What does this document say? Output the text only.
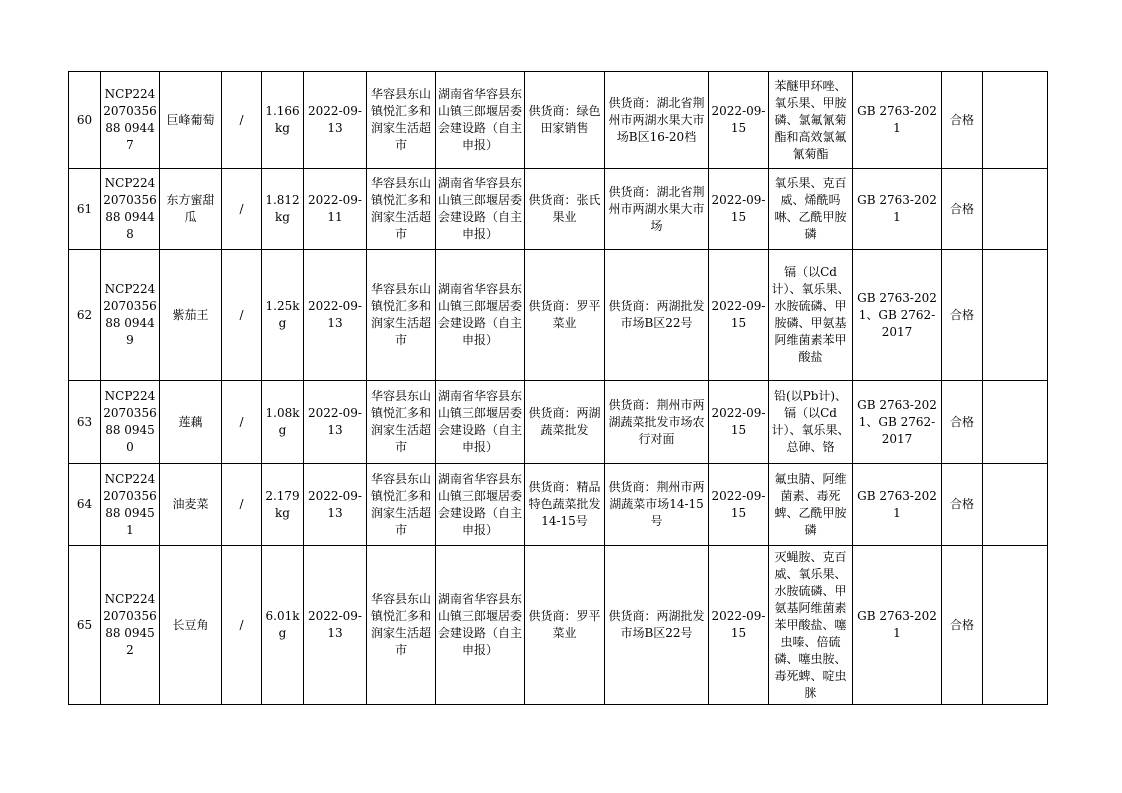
60	NCP224207035688 09447	巨峰葡萄	/	1.166kg	2022-09-13	华容县东山镇悦汇多和润家生活超市	湖南省华容县东山镇三郎堰居委会建设路（自主申报）	供货商：绿色田家销售	供货商：湖北省荆州市两湖水果大市场B区16-20档	2022-09-15	苯醚甲环唑、氧乐果、甲胺磷、氯氟氰菊酯和高效氯氟氰菊酯	GB 2763-2021	合格	
61	NCP224207035688 09448	东方蜜甜瓜	/	1.812kg	2022-09-11	华容县东山镇悦汇多和润家生活超市	湖南省华容县东山镇三郎堰居委会建设路（自主申报）	供货商：张氏果业	供货商：湖北省荆州市两湖水果大市场	2022-09-15	氧乐果、克百威、烯酰吗啉、乙酰甲胺磷	GB 2763-2021	合格	
62	NCP224207035688 09449	紫茄王	/	1.25kg	2022-09-13	华容县东山镇悦汇多和润家生活超市	湖南省华容县东山镇三郎堰居委会建设路（自主申报）	供货商：罗平菜业	供货商：两湖批发市场B区22号	2022-09-15	镉（以Cd计）、氧乐果、水胺硫磷、甲胺磷、甲氨基阿维菌素苯甲酸盐	GB 2763-2021、GB 2762-2017	合格	
63	NCP224207035688 09450	莲藕	/	1.08kg	2022-09-13	华容县东山镇悦汇多和润家生活超市	湖南省华容县东山镇三郎堰居委会建设路（自主申报）	供货商：两湖蔬菜批发	供货商：荆州市两湖蔬菜批发市场农行对面	2022-09-15	铅(以Pb计)、镉（以Cd计）、氧乐果、总砷、铬	GB 2763-2021、GB 2762-2017	合格	
64	NCP224207035688 09451	油麦菜	/	2.179kg	2022-09-13	华容县东山镇悦汇多和润家生活超市	湖南省华容县东山镇三郎堰居委会建设路（自主申报）	供货商：精品特色蔬菜批发14-15号	供货商：荆州市两湖蔬菜市场14-15号	2022-09-15	氟虫腈、阿维菌素、毒死蜱、乙酰甲胺磷	GB 2763-2021	合格	
65	NCP224207035688 09452	长豆角	/	6.01kg	2022-09-13	华容县东山镇悦汇多和润家生活超市	湖南省华容县东山镇三郎堰居委会建设路（自主申报）	供货商：罗平菜业	供货商：两湖批发市场B区22号	2022-09-15	灭蝇胺、克百威、氧乐果、水胺硫磷、甲氨基阿维菌素苯甲酸盐、噻虫嗪、倍硫磷、噻虫胺、毒死蜱、啶虫脒	GB 2763-2021	合格	
